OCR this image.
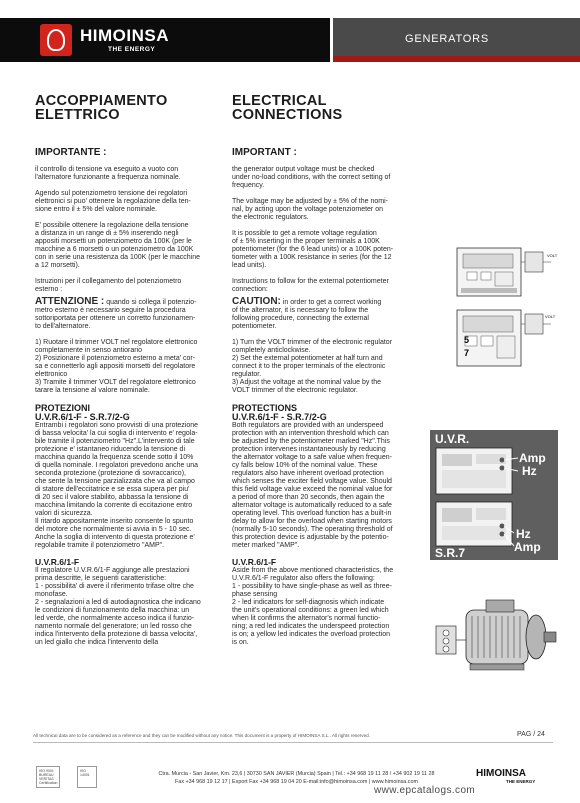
HIMOINSA
THE ENERGY
GENERATORS
ACCOPPIAMENTO
ELETTRICO
IMPORTANTE :

il controllo di tensione va eseguito a vuoto con
l'alternatore funzionante a frequenza nominale.

Agendo sul potenziometro tensione dei regolatori
elettronici si puo' ottenere la regolazione della ten-
sione entro il ± 5% del valore nominale.

E' possibile ottenere la regolazione della tensione
a distanza in un range di ± 5% inserendo negli
appositi morsetti un potenziometro da 100K (per le
macchine a 6 morsetti o un potenziometro da 100K
con in serie una resistenza da 100K (per le macchine
a 12 morsetti).

Istruzioni per il collegamento del potenziometro
esterno :

ATTENZIONE : quando si collega il potenzio-
metro esterno è necessario seguire la procedura
sottoriportata per ottenere un corretto funzionamen-
to dell'alternatore.

1) Ruotare il trimmer VOLT nel regolatore elettronico
completamente in senso antiorario
2) Posizionare il potenziometro esterno a meta' cor-
sa e connetterlo agli appositi morsetti del regolatore
elettronico
3) Tramite il trimmer VOLT del regolatore elettronico
tarare la tensione al valore nominale.

PROTEZIONI
U.V.R.6/1-F - S.R.7/2-G

Entrambi i regolatori sono provvisti di una protezione
di bassa velocita' la cui soglia di intervento e' regola-
bile tramite il potenziometro "Hz".L'intervento di tale
protezione e' istantaneo riducendo la tensione di
macchina quando la frequenza scende sotto il 10%
di quella nominale. I regolatori prevedono anche una
seconda protezione (protezione di sovraccarico),
che sente la tensione parzializzata che va al campo
di statore dell'eccitatrice e se essa supera per piu'
di 20 sec il valore stabilito, abbassa la tensione di
macchina limitando la corrente di eccitazione entro
valori di sicurezza.
Il ritardo appositamente inserito consente lo spunto
del motore che normalmente si avvia in 5 - 10 sec.
Anche la soglia di intervento di questa protezione e'
regolabile tramite il potenziometro "AMP".

U.V.R.6/1-F

Il regolatore U.V.R.6/1-F aggiunge alle prestazioni
prima descritte, le seguenti caratteristiche:
1 - possibilita' di avere il riferimento trifase oltre che
monofase.
2 - segnalazioni a led di autodiagnostica che indicano
le condizioni di funzionamento della macchina: un
led verde, che normalmente acceso indica il funzio-
namento normale del generatore; un led rosso che
indica l'intervento della protezione di bassa velocita',
un led giallo che indica l'intervento della

ELECTRICAL
CONNECTIONS
IMPORTANT :

the generator output voltage must be checked
under no-load conditions, with the correct setting of
frequency.

The voltage may be adjusted by ± 5% of the nomi-
nal, by acting upon the voltage potenziometer on
the electronic regulators.

It is possible to get a remote voltage regulation
of ± 5% inserting in the proper terminals a 100K
potentiometer (for the 6 lead units) or a 100K poten-
tiometer with a 100K resistance in series (for the 12
lead units).

Instructions to follow for the external potentiometer
connection:

CAUTION: in order to get a correct working
of the alternator, it is necessary to follow the
following procedure, connecting the external
potentiometer.

1) Turn the VOLT trimmer of the electronic regulator
completely anticlockwise.
2) Set the external potentiometer at half turn and
connect it to the proper terminals of the electronic
regulator.
3) Adjust the voltage at the nominal value by the
VOLT trimmer of the electronic regulator.

PROTECTIONS
U.V.R.6/1-F - S.R.7/2-G

Both regulators are provided with an underspeed
protection with an intervention threshold which can
be adjusted by the potentiometer marked "Hz".This
protection intervenes instantaneously by reducing
the alternator voltage to a safe value when frequen-
cy falls below 10% of the nominal value. These
regulators also have inherent overload protection
which senses the exciter field voltage value. Should
this field voltage value exceed the nominal value for
a period of more than 20 seconds, then again the
alternator voltage is automatically reduced to a safe
operating level. This overload function has a built-in
delay to allow for the overload when starting motors
(normally 5-10 seconds). The operating threshold of
this protection device is adjustable by the potentio-
meter marked "AMP".

U.V.R.6/1-F

Aside from the above mentioned characteristics, the
U.V.R.6/1-F regulator also offers the following:
1 - possibility to have single-phase as well as three-
phase sensing
2 - led indicators for self-diagnosis which indicate
the unit's operational conditions: a green led which
when lit confirms the alternator's normal functio-
ning; a red led indicates the underspeed protection
is on; a yellow led indicates the overload protection
is on.

VOLT
VOLT
5
7
U.V.R.
Amp
Hz
Hz
Amp
S.R.7
All technical data are to be considered as a reference and they can be modified without any notice. This document is a property of HIMOINSA S.L.. All rights reserved.	PAG / 24
ISO 9001 BUREAU VERITAS Certification
ISO 14001	Ctra. Murcia - San Javier, Km. 23,6 | 30730 SAN JAVIER (Murcia) Spain | Tel.: +34 968 19 11 28 / +34 902 19 11 28
Fax +34 968 19 12 17 | Export Fax +34 968 19 04 20 E-mail:info@himoinsa.com | www.himoinsa.com
HIMOINSA
THE ENERGY
www.epcatalogs.com
